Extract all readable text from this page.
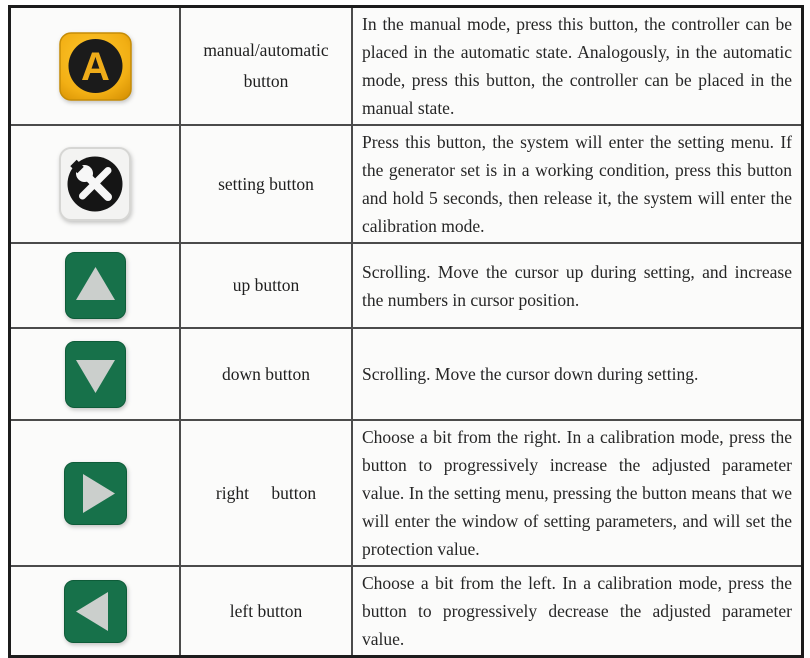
A	manual/automatic button

In the manual mode, press this button, the controller can be placed in the automatic state. Analogously, in the automatic mode, press this button, the controller can be placed in the manual state.

setting button

Press this button, the system will enter the setting menu. If the generator set is in a working condition, press this button and hold 5 seconds, then release it, the system will enter the calibration mode.

up button

Scrolling. Move the cursor up during setting, and increase the numbers in cursor position.

down button	Scrolling. Move the cursor down during setting.

right button

Choose a bit from the right. In a calibration mode, press the button to progressively increase the adjusted parameter value. In the setting menu, pressing the button means that we will enter the window of setting parameters, and will set the protection value.

left button

Choose a bit from the left. In a calibration mode, press the button to progressively decrease the adjusted parameter value.
